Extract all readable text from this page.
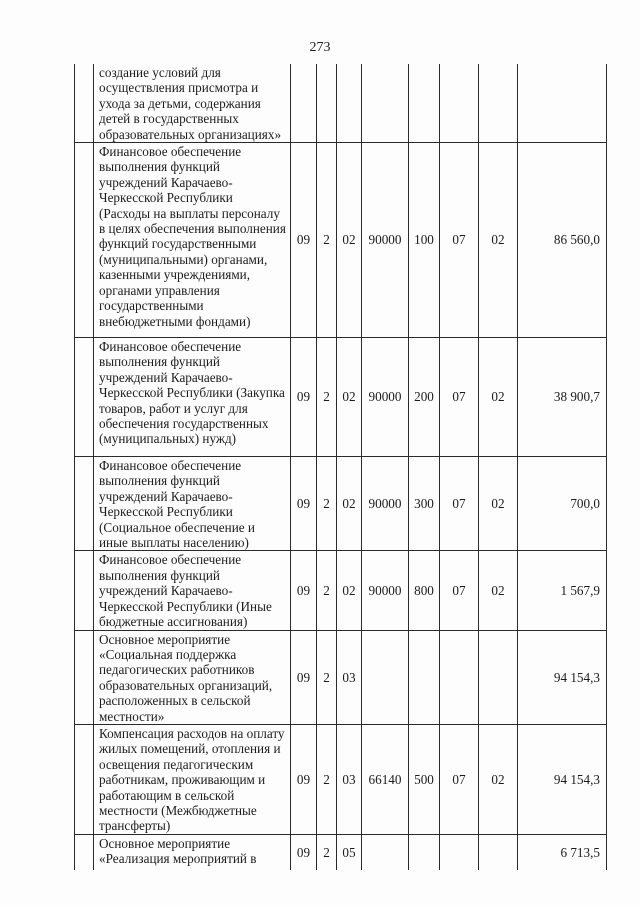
273
	создание условий для осуществления присмотра и ухода за детьми, содержания детей в государственных образовательных организациях»								
	Финансовое обеспечение выполнения функций учреждений Карачаево-Черкесской Республики (Расходы на выплаты персоналу в целях обеспечения выполнения функций государственными (муниципальными) органами, казенными учреждениями, органами управления государственными внебюджетными фондами)	09	2	02	90000	100	07	02	86 560,0
	Финансовое обеспечение выполнения функций учреждений Карачаево-Черкесской Республики (Закупка товаров, работ и услуг для обеспечения государственных (муниципальных) нужд)	09	2	02	90000	200	07	02	38 900,7
	Финансовое обеспечение выполнения функций учреждений Карачаево-Черкесской Республики (Социальное обеспечение и иные выплаты населению)	09	2	02	90000	300	07	02	700,0
	Финансовое обеспечение выполнения функций учреждений Карачаево-Черкесской Республики (Иные бюджетные ассигнования)	09	2	02	90000	800	07	02	1 567,9
	Основное мероприятие «Социальная поддержка педагогических работников образовательных организаций, расположенных в сельской местности»	09	2	03					94 154,3
	Компенсация расходов на оплату жилых помещений, отопления и освещения педагогическим работникам, проживающим и работающим в сельской местности (Межбюджетные трансферты)	09	2	03	66140	500	07	02	94 154,3
	Основное мероприятие «Реализация мероприятий в	09	2	05					6 713,5
